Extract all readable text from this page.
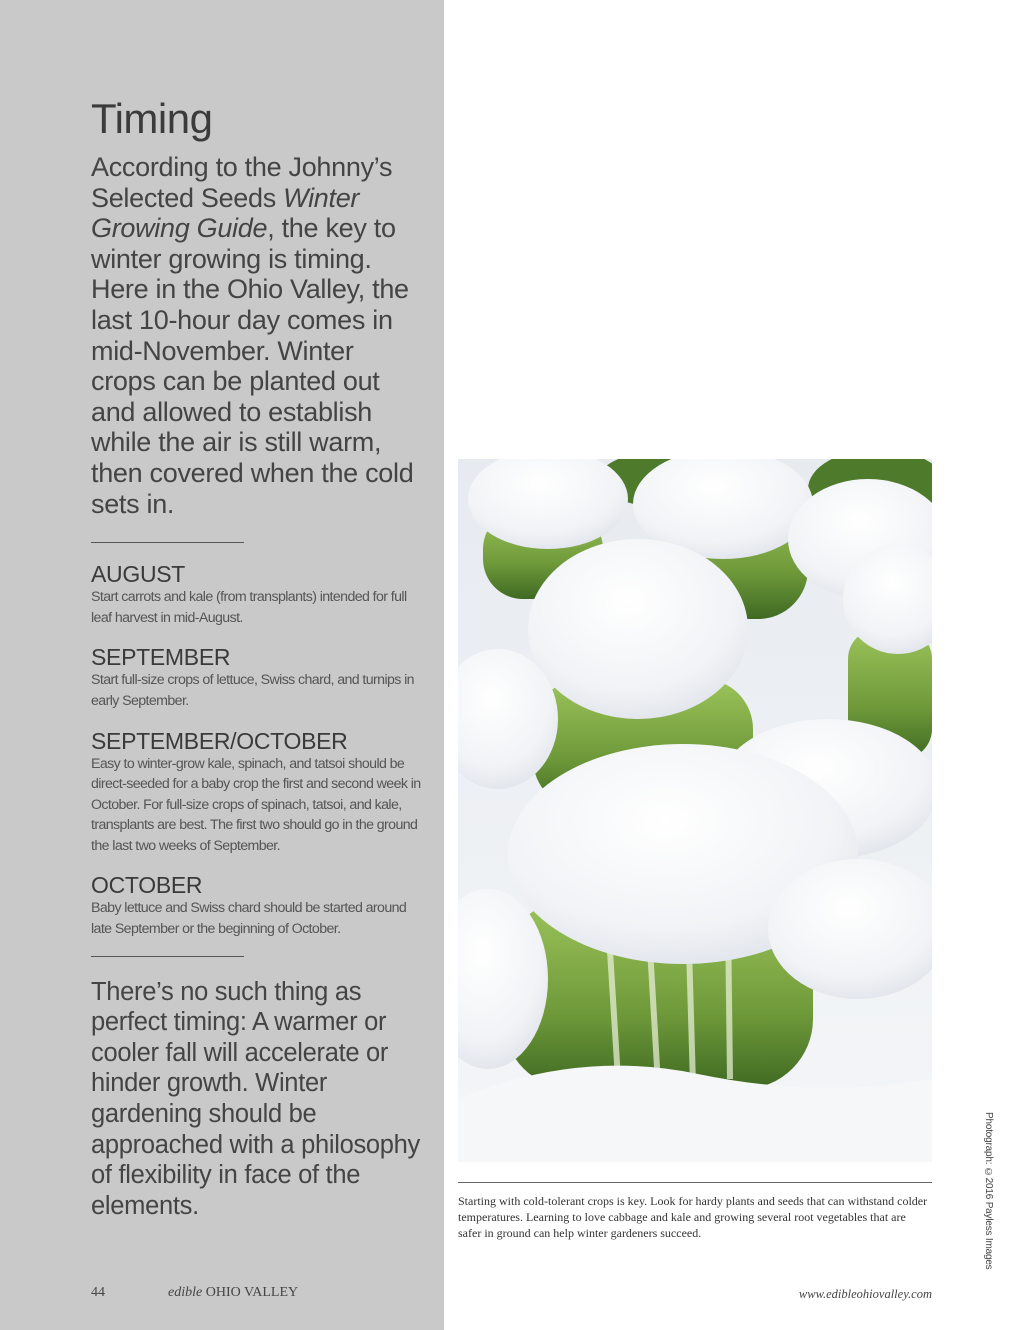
Timing

According to the Johnny’s Selected Seeds Winter Growing Guide, the key to winter growing is timing. Here in the Ohio Valley, the last 10-hour day comes in mid-November. Winter crops can be planted out and allowed to establish while the air is still warm, then covered when the cold sets in.

AUGUST
Start carrots and kale (from transplants) intended for full leaf harvest in mid-August.
SEPTEMBER
Start full-size crops of lettuce, Swiss chard, and turnips in early September.
SEPTEMBER/OCTOBER
Easy to winter-grow kale, spinach, and tatsoi should be direct-seeded for a baby crop the first and second week in October. For full-size crops of spinach, tatsoi, and kale, transplants are best. The first two should go in the ground the last two weeks of September.
OCTOBER
Baby lettuce and Swiss chard should be started around late September or the beginning of October.

There’s no such thing as perfect timing: A warmer or cooler fall will accelerate or hinder growth. Winter gardening should be approached with a philosophy of flexibility in face of the elements.

44	edible OHIO VALLEY

Starting with cold-tolerant crops is key. Look for hardy plants and seeds that can withstand colder temperatures. Learning to love cabbage and kale and growing several root vegetables that are safer in ground can help winter gardeners succeed.	Photograph: ©2016 Payless Images
www.edibleohiovalley.com
